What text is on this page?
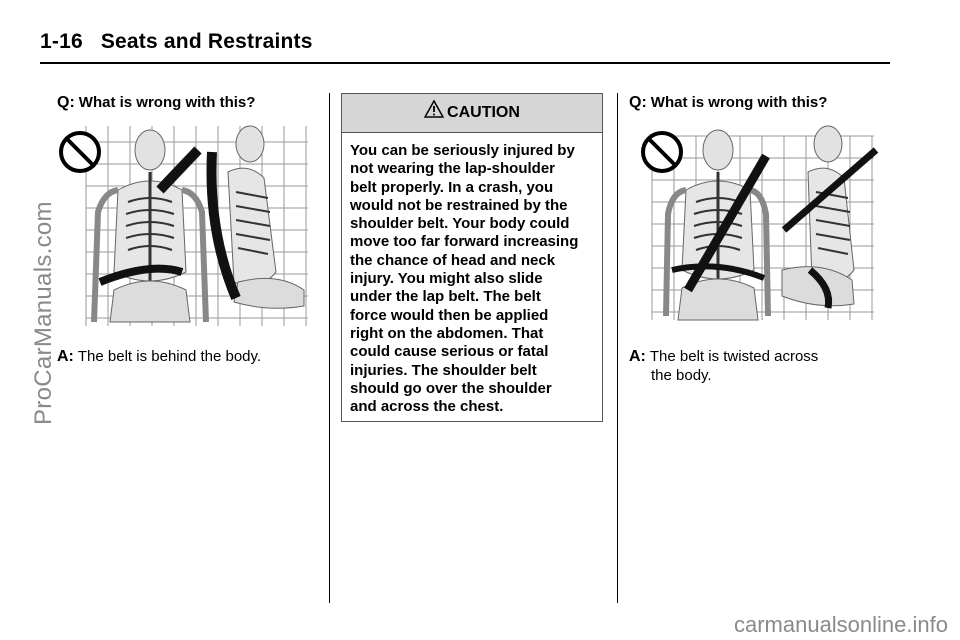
1-16 Seats and Restraints
ProCarManuals.com
carmanualsonline.info
Q: What is wrong with this?
A: The belt is behind the body.
CAUTION
You can be seriously injured by
not wearing the lap-shoulder
belt properly. In a crash, you
would not be restrained by the
shoulder belt. Your body could
move too far forward increasing
the chance of head and neck
injury. You might also slide
under the lap belt. The belt
force would then be applied
right on the abdomen. That
could cause serious or fatal
injuries. The shoulder belt
should go over the shoulder
and across the chest.
Q: What is wrong with this?
A: The belt is twisted across
the body.
